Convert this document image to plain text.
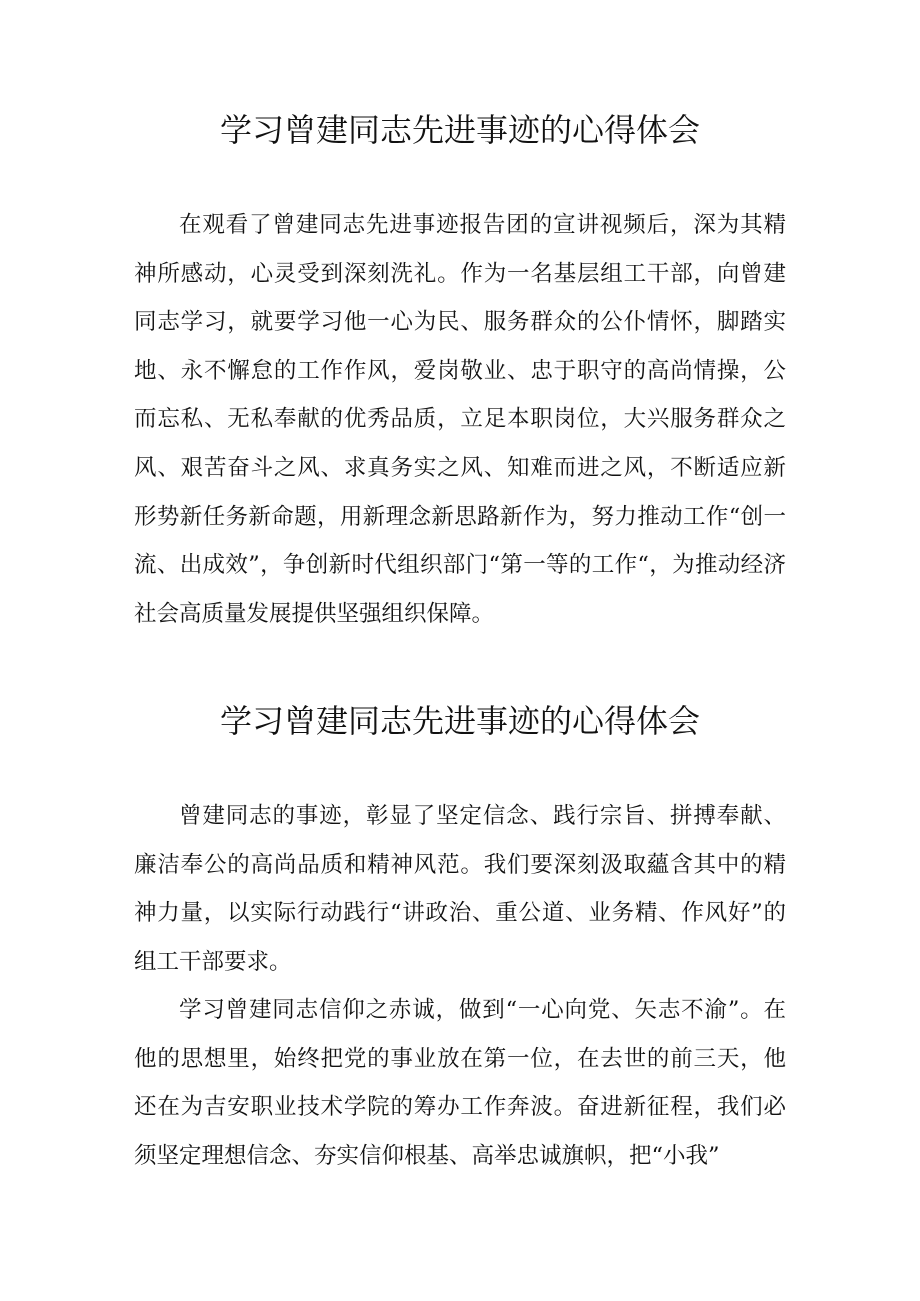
学习曾建同志先进事迹的心得体会

在观看了曾建同志先进事迹报告团的宣讲视频后，深为其精神所感动，心灵受到深刻洗礼。作为一名基层组工干部，向曾建同志学习，就要学习他一心为民、服务群众的公仆情怀，脚踏实地、永不懈怠的工作作风，爱岗敬业、忠于职守的高尚情操，公而忘私、无私奉献的优秀品质，立足本职岗位，大兴服务群众之风、艰苦奋斗之风、求真务实之风、知难而进之风，不断适应新形势新任务新命题，用新理念新思路新作为，努力推动工作“创一流、出成效”，争创新时代组织部门“第一等的工作“，为推动经济社会高质量发展提供坚强组织保障。

学习曾建同志先进事迹的心得体会

曾建同志的事迹，彰显了坚定信念、践行宗旨、拼搏奉献、廉洁奉公的高尚品质和精神风范。我们要深刻汲取蘊含其中的精神力量，以实际行动践行“讲政治、重公道、业务精、作风好”的组工干部要求。

学习曾建同志信仰之赤诚，做到“一心向党、矢志不渝”。在他的思想里，始终把党的事业放在第一位，在去世的前三天，他还在为吉安职业技术学院的筹办工作奔波。奋进新征程，我们必须坚定理想信念、夯实信仰根基、高举忠诚旗帜，把“小我”
